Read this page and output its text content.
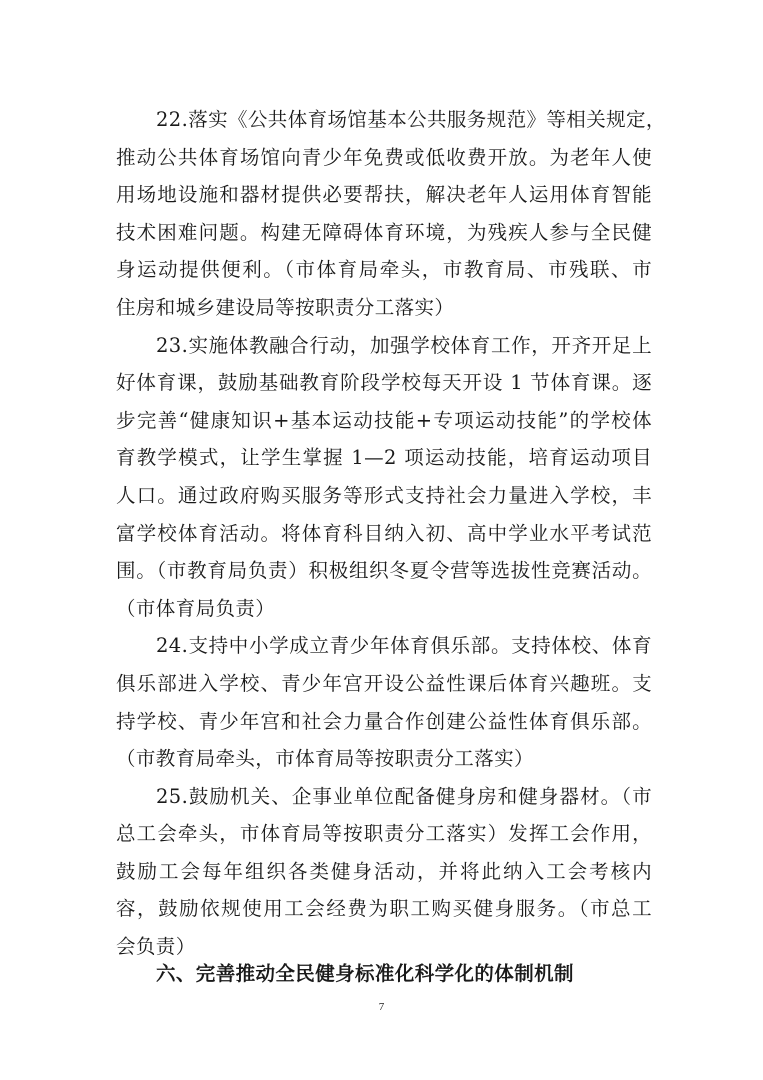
22.落实《公共体育场馆基本公共服务规范》等相关规定，
推动公共体育场馆向青少年免费或低收费开放。为老年人使
用场地设施和器材提供必要帮扶，解决老年人运用体育智能
技术困难问题。构建无障碍体育环境，为残疾人参与全民健
身运动提供便利。（市体育局牵头，市教育局、市残联、市
住房和城乡建设局等按职责分工落实）
23.实施体教融合行动，加强学校体育工作，开齐开足上
好体育课，鼓励基础教育阶段学校每天开设 1 节体育课。逐
步完善“健康知识+基本运动技能+专项运动技能”的学校体
育教学模式，让学生掌握 1—2 项运动技能，培育运动项目
人口。通过政府购买服务等形式支持社会力量进入学校，丰
富学校体育活动。将体育科目纳入初、高中学业水平考试范
围。（市教育局负责）积极组织冬夏令营等选拔性竞赛活动。
（市体育局负责）
24.支持中小学成立青少年体育俱乐部。支持体校、体育
俱乐部进入学校、青少年宫开设公益性课后体育兴趣班。支
持学校、青少年宫和社会力量合作创建公益性体育俱乐部。
（市教育局牵头，市体育局等按职责分工落实）
25.鼓励机关、企事业单位配备健身房和健身器材。（市
总工会牵头，市体育局等按职责分工落实）发挥工会作用，
鼓励工会每年组织各类健身活动，并将此纳入工会考核内
容，鼓励依规使用工会经费为职工购买健身服务。（市总工
会负责）
六、完善推动全民健身标准化科学化的体制机制
7
